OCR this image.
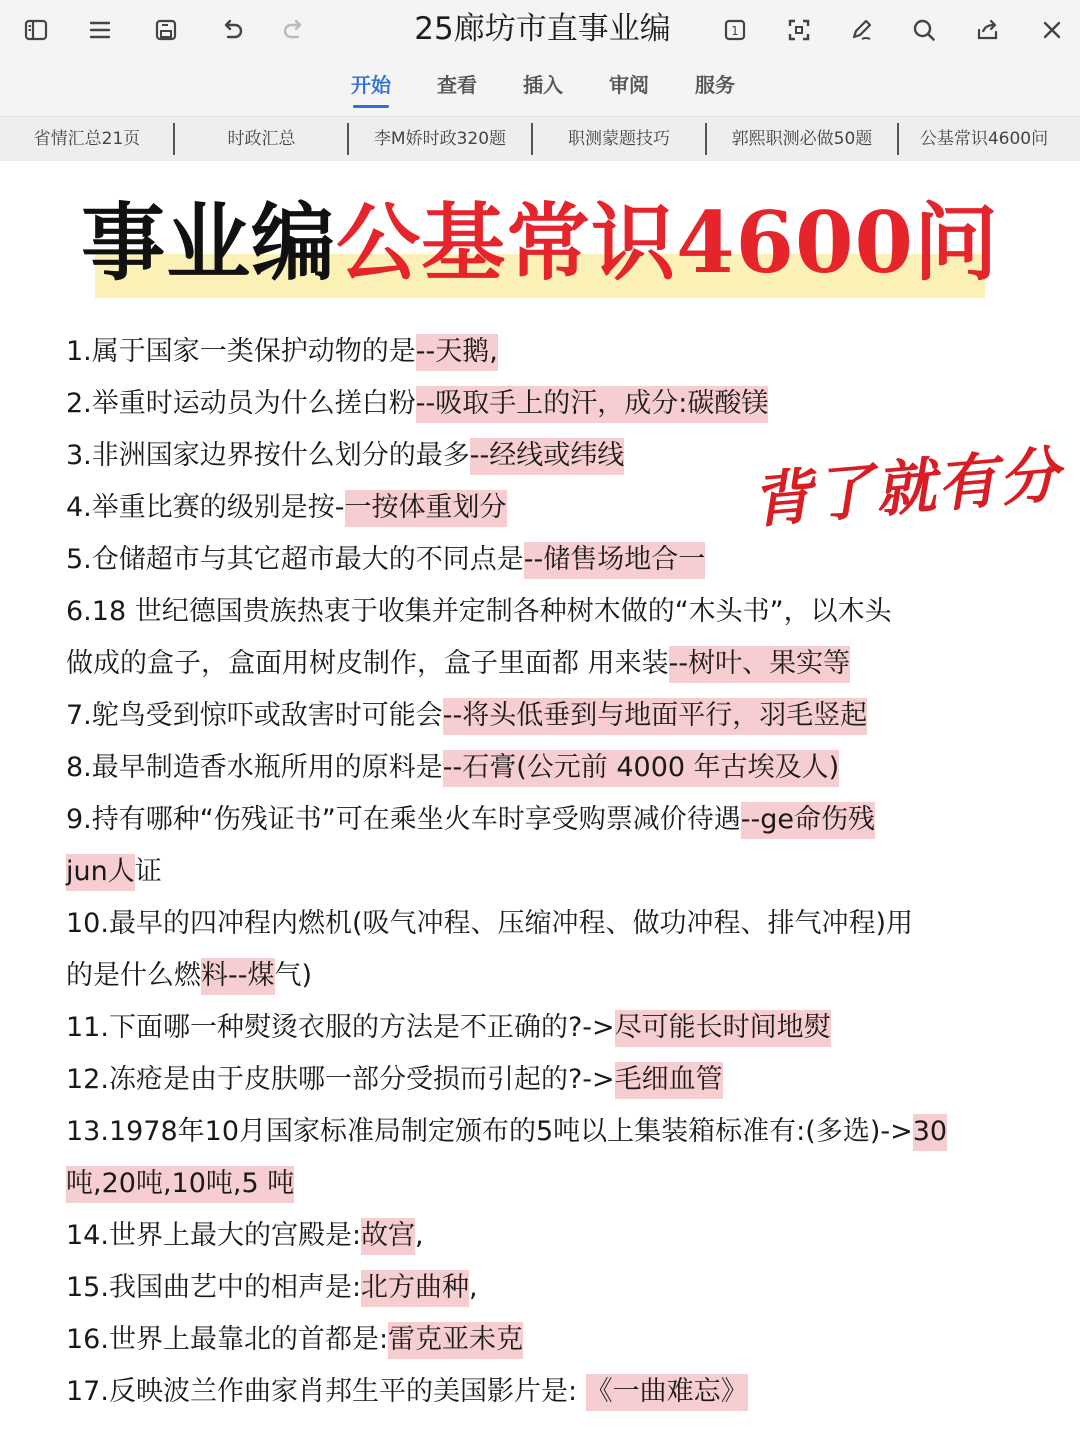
25廊坊市直事业编	1
开始 查看 插入 审阅 服务
省情汇总21页	时政汇总	李M娇时政320题	职测蒙题技巧	郭熙职测必做50题	公基常识4600问
事业编公基常识4600问
背了就有分
1.属于国家一类保护动物的是--天鹅,
2.举重时运动员为什么搓白粉--吸取手上的汗，成分:碳酸镁
3.非洲国家边界按什么划分的最多--经线或纬线
4.举重比赛的级别是按-一按体重划分
5.仓储超市与其它超市最大的不同点是--储售场地合一
6.18 世纪德国贵族热衷于收集并定制各种树木做的“木头书”，以木头
做成的盒子，盒面用树皮制作，盒子里面都 用来装--树叶、果实等
7.鸵鸟受到惊吓或敌害时可能会--将头低垂到与地面平行，羽毛竖起
8.最早制造香水瓶所用的原料是--石膏(公元前 4000 年古埃及人)
9.持有哪种“伤残证书”可在乘坐火车时享受购票减价待遇--ge命伤残
jun人证
10.最早的四冲程内燃机(吸气冲程、压缩冲程、做功冲程、排气冲程)用
的是什么燃料--煤气)
11.下面哪一种熨烫衣服的方法是不正确的?->尽可能长时间地熨
12.冻疮是由于皮肤哪一部分受损而引起的?->毛细血管
13.1978年10月国家标准局制定颁布的5吨以上集装箱标准有:(多选)->30
吨,20吨,10吨,5 吨
14.世界上最大的宫殿是:故宫,
15.我国曲艺中的相声是:北方曲种,
16.世界上最靠北的首都是:雷克亚未克
17.反映波兰作曲家肖邦生平的美国影片是: 《一曲难忘》
